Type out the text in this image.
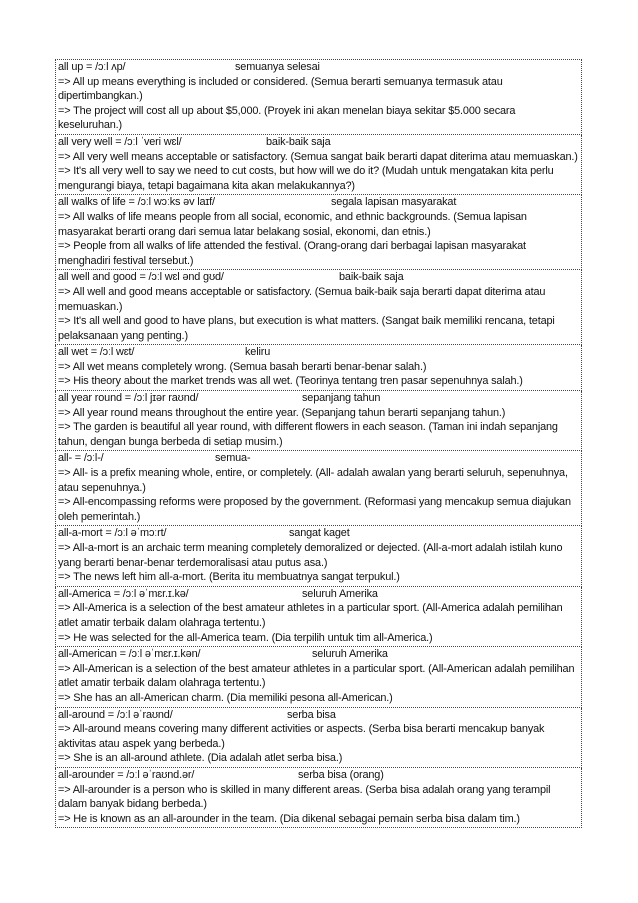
all up = /ɔːl ʌp/	semuanya selesai

=> All up means everything is included or considered. (Semua berarti semuanya termasuk atau dipertimbangkan.)

=> The project will cost all up about $5,000. (Proyek ini akan menelan biaya sekitar $5.000 secara keseluruhan.)

all very well = /ɔːl ˈveri wɛl/	baik-baik saja

=> All very well means acceptable or satisfactory. (Semua sangat baik berarti dapat diterima atau memuaskan.)

=> It's all very well to say we need to cut costs, but how will we do it? (Mudah untuk mengatakan kita perlu mengurangi biaya, tetapi bagaimana kita akan melakukannya?)

all walks of life = /ɔːl wɔːks əv laɪf/	segala lapisan masyarakat

=> All walks of life means people from all social, economic, and ethnic backgrounds. (Semua lapisan masyarakat berarti orang dari semua latar belakang sosial, ekonomi, dan etnis.)

=> People from all walks of life attended the festival. (Orang-orang dari berbagai lapisan masyarakat menghadiri festival tersebut.)

all well and good = /ɔːl wɛl ənd gʊd/	baik-baik saja

=> All well and good means acceptable or satisfactory. (Semua baik-baik saja berarti dapat diterima atau memuaskan.)

=> It's all well and good to have plans, but execution is what matters. (Sangat baik memiliki rencana, tetapi pelaksanaan yang penting.)

all wet = /ɔːl wɛt/	keliru

=> All wet means completely wrong. (Semua basah berarti benar-benar salah.)

=> His theory about the market trends was all wet. (Teorinya tentang tren pasar sepenuhnya salah.)

all year round = /ɔːl jɪər raʊnd/	sepanjang tahun

=> All year round means throughout the entire year. (Sepanjang tahun berarti sepanjang tahun.)

=> The garden is beautiful all year round, with different flowers in each season. (Taman ini indah sepanjang tahun, dengan bunga berbeda di setiap musim.)

all- = /ɔːl-/	semua-

=> All- is a prefix meaning whole, entire, or completely. (All- adalah awalan yang berarti seluruh, sepenuhnya, atau sepenuhnya.)

=> All-encompassing reforms were proposed by the government. (Reformasi yang mencakup semua diajukan oleh pemerintah.)

all-a-mort = /ɔːl əˈmɔːrt/	sangat kaget

=> All-a-mort is an archaic term meaning completely demoralized or dejected. (All-a-mort adalah istilah kuno yang berarti benar-benar terdemoralisasi atau putus asa.)

=> The news left him all-a-mort. (Berita itu membuatnya sangat terpukul.)

all-America = /ɔːl əˈmɛr.ɪ.kə/	seluruh Amerika

=> All-America is a selection of the best amateur athletes in a particular sport. (All-America adalah pemilihan atlet amatir terbaik dalam olahraga tertentu.)

=> He was selected for the all-America team. (Dia terpilih untuk tim all-America.)

all-American = /ɔːl əˈmɛr.ɪ.kən/	seluruh Amerika

=> All-American is a selection of the best amateur athletes in a particular sport. (All-American adalah pemilihan atlet amatir terbaik dalam olahraga tertentu.)

=> She has an all-American charm. (Dia memiliki pesona all-American.)

all-around = /ɔːl əˈraʊnd/	serba bisa

=> All-around means covering many different activities or aspects. (Serba bisa berarti mencakup banyak aktivitas atau aspek yang berbeda.)

=> She is an all-around athlete. (Dia adalah atlet serba bisa.)

all-arounder = /ɔːl əˈraʊnd.ər/	serba bisa (orang)

=> All-arounder is a person who is skilled in many different areas. (Serba bisa adalah orang yang terampil dalam banyak bidang berbeda.)

=> He is known as an all-arounder in the team. (Dia dikenal sebagai pemain serba bisa dalam tim.)
